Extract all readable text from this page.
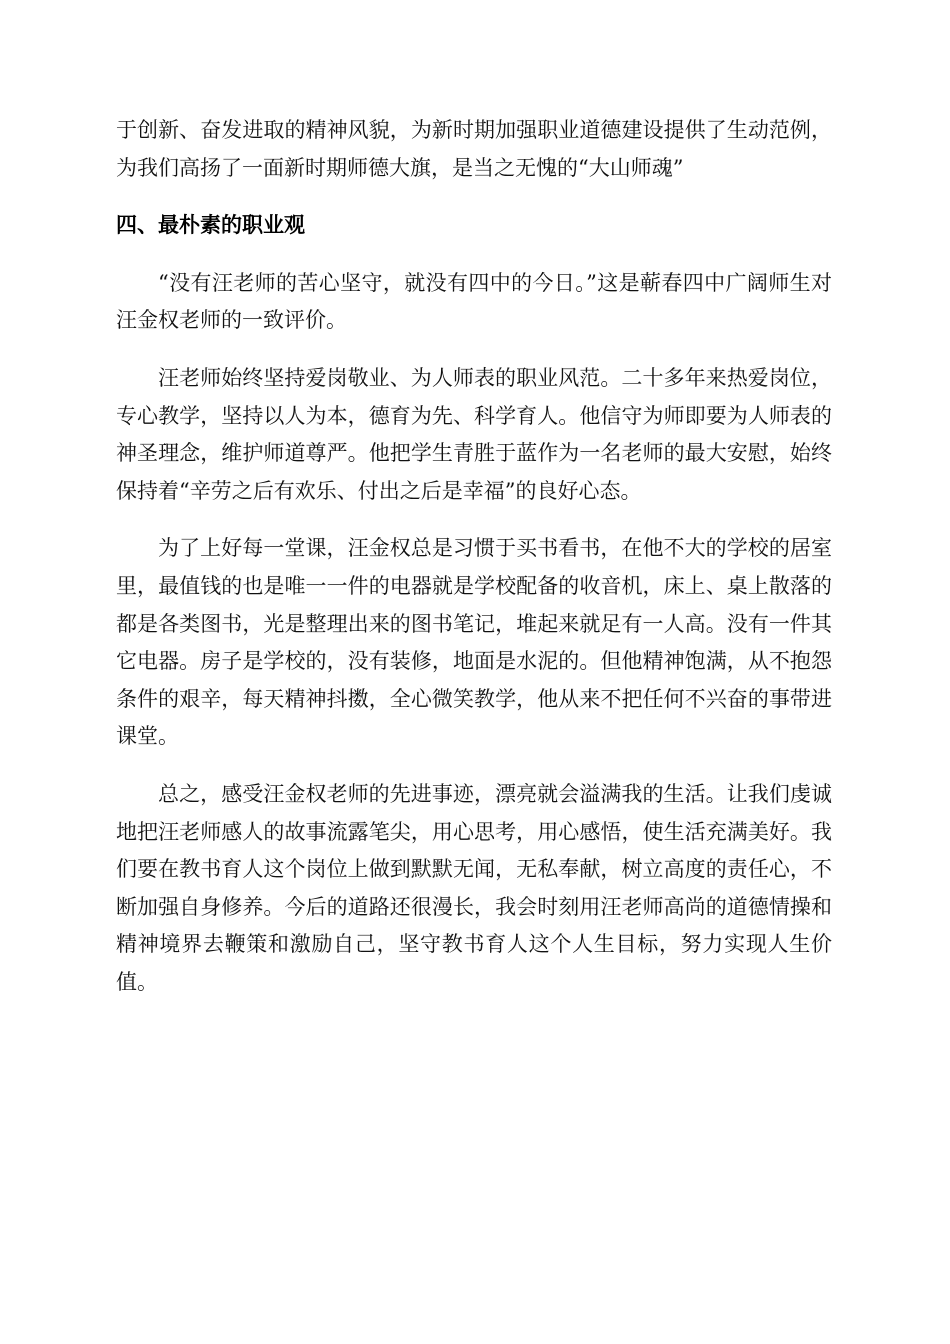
于创新、奋发进取的精神风貌，为新时期加强职业道德建设提供了生动范例，为我们高扬了一面新时期师德大旗，是当之无愧的“大山师魂”

四、最朴素的职业观

“没有汪老师的苦心坚守，就没有四中的今日。”这是蕲春四中广阔师生对汪金权老师的一致评价。

汪老师始终坚持爱岗敬业、为人师表的职业风范。二十多年来热爱岗位，专心教学，坚持以人为本，德育为先、科学育人。他信守为师即要为人师表的神圣理念，维护师道尊严。他把学生青胜于蓝作为一名老师的最大安慰，始终保持着“辛劳之后有欢乐、付出之后是幸福”的良好心态。

为了上好每一堂课，汪金权总是习惯于买书看书，在他不大的学校的居室里，最值钱的也是唯一一件的电器就是学校配备的收音机，床上、桌上散落的都是各类图书，光是整理出来的图书笔记，堆起来就足有一人高。没有一件其它电器。房子是学校的，没有装修，地面是水泥的。但他精神饱满，从不抱怨条件的艰辛，每天精神抖擞，全心微笑教学，他从来不把任何不兴奋的事带进课堂。

总之，感受汪金权老师的先进事迹，漂亮就会溢满我的生活。让我们虔诚地把汪老师感人的故事流露笔尖，用心思考，用心感悟，使生活充满美好。我们要在教书育人这个岗位上做到默默无闻，无私奉献，树立高度的责任心，不断加强自身修养。今后的道路还很漫长，我会时刻用汪老师高尚的道德情操和精神境界去鞭策和激励自己，坚守教书育人这个人生目标，努力实现人生价值。
